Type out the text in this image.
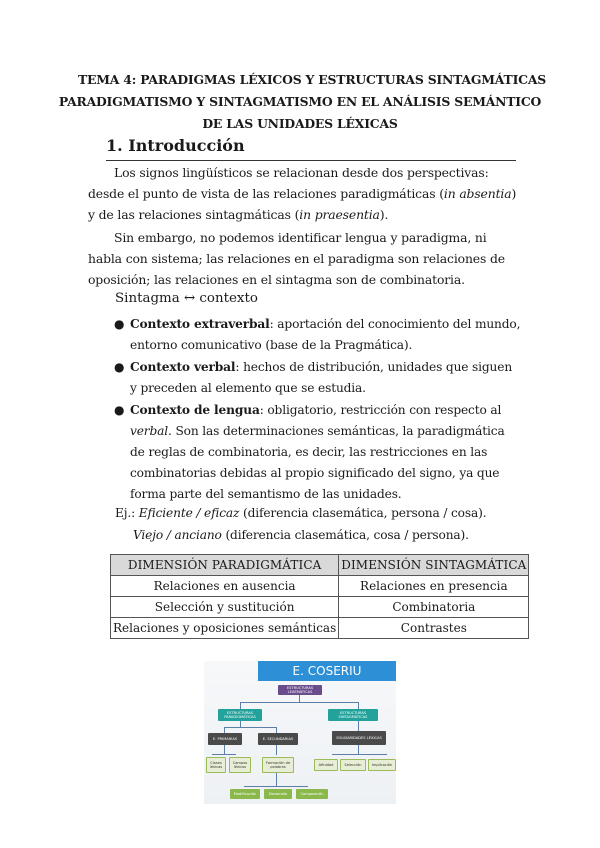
TEMA 4: PARADIGMAS LÉXICOS Y ESTRUCTURAS SINTAGMÁTICAS
PARADIGMATISMO Y SINTAGMATISMO EN EL ANÁLISIS SEMÁNTICO
DE LAS UNIDADES LÉXICAS
1. Introducción
Los signos lingüísticos se relacionan desde dos perspectivas: desde el punto de vista de las relaciones paradigmáticas (in absentia) y de las relaciones sintagmáticas (in praesentia).
Sin embargo, no podemos identificar lengua y paradigma, ni habla con sistema; las relaciones en el paradigma son relaciones de oposición; las relaciones en el sintagma son de combinatoria.
Sintagma ↔ contexto
● Contexto extraverbal: aportación del conocimiento del mundo, entorno comunicativo (base de la Pragmática).
● Contexto verbal: hechos de distribución, unidades que siguen y preceden al elemento que se estudia.
● Contexto de lengua: obligatorio, restricción con respecto al verbal. Son las determinaciones semánticas, la paradigmática de reglas de combinatoria, es decir, las restricciones en las combinatorias debidas al propio significado del signo, ya que forma parte del semantismo de las unidades.
Ej.: Eficiente / eficaz (diferencia clasemática, persona / cosa).
Viejo / anciano (diferencia clasemática, cosa / persona).
DIMENSIÓN PARADIGMÁTICA	DIMENSIÓN SINTAGMÁTICA
Relaciones en ausencia	Relaciones en presencia
Selección y sustitución	Combinatoria
Relaciones y oposiciones semánticas	Contrastes
E. COSERIU
ESTRUCTURAS LEXEMÁTICAS
ESTRUCTURAS PARADIGMÁTICAS
ESTRUCTURAS SINTAGMÁTICAS
E. PRIMARIAS	E. SECUNDARIAS	SOLIDARIDADES LÉXICAS
Clases léxicas
Campos léxicos
Formación de palabras
Afinidad	Selección	Implicación
Modificación	Desarrollo	Composición
